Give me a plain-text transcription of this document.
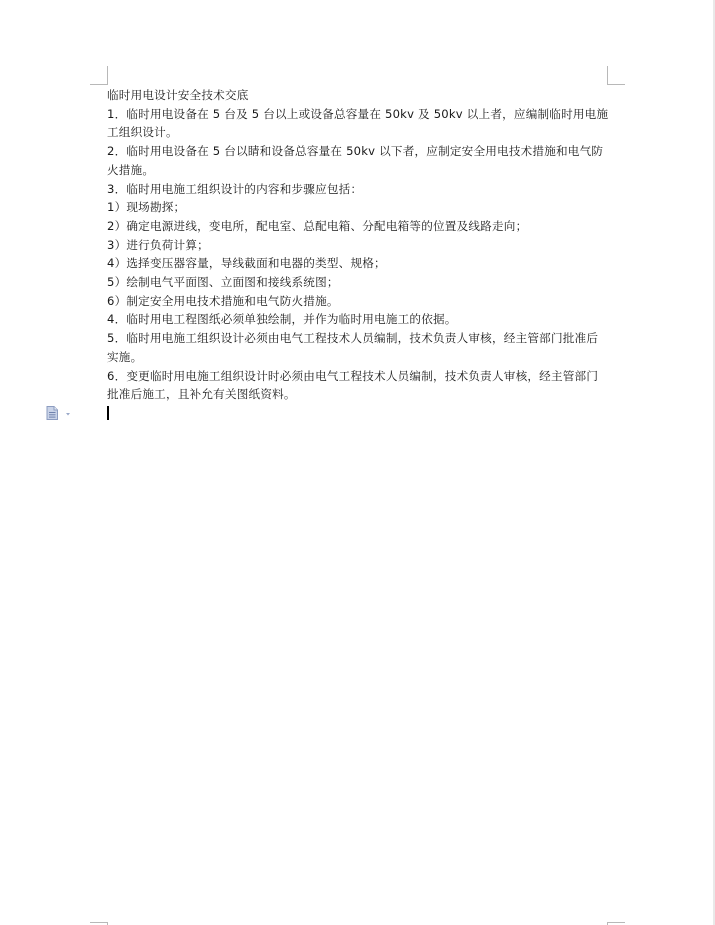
临时用电设计安全技术交底

1．临时用电设备在 5 台及 5 台以上或设备总容量在 50kv 及 50kv 以上者，应编制临时用电施工组织设计。

2．临时用电设备在 5 台以睛和设备总容量在 50kv 以下者，应制定安全用电技术措施和电气防火措施。

3．临时用电施工组织设计的内容和步骤应包括：

1）现场勘探；

2）确定电源进线，变电所，配电室、总配电箱、分配电箱等的位置及线路走向；

3）进行负荷计算；

4）选择变压器容量，导线截面和电器的类型、规格；

5）绘制电气平面图、立面图和接线系统图；

6）制定安全用电技术措施和电气防火措施。

4．临时用电工程图纸必须单独绘制，并作为临时用电施工的依据。

5．临时用电施工组织设计必须由电气工程技术人员编制，技术负责人审核，经主管部门批准后实施。

6．变更临时用电施工组织设计时必须由电气工程技术人员编制，技术负责人审核，经主管部门批准后施工，且补允有关图纸资料。
